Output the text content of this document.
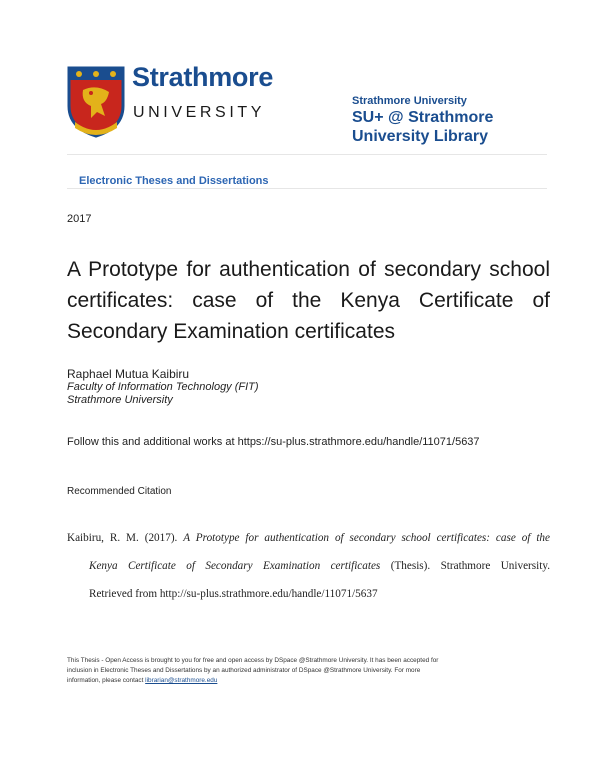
Strathmore
UNIVERSITY
Strathmore University
SU+ @ Strathmore
University Library
Electronic Theses and Dissertations
2017
A Prototype for authentication of secondary school certificates: case of the Kenya Certificate of Secondary Examination certificates
Raphael Mutua Kaibiru
Faculty of Information Technology (FIT)
Strathmore University
Follow this and additional works at https://su-plus.strathmore.edu/handle/11071/5637
Recommended Citation
Kaibiru, R. M. (2017). A Prototype for authentication of secondary school certificates: case of the
Kenya Certificate of Secondary Examination certificates (Thesis). Strathmore University.
Retrieved from http://su-plus.strathmore.edu/handle/11071/5637
This Thesis - Open Access is brought to you for free and open access by DSpace @Strathmore University. It has been accepted for
inclusion in Electronic Theses and Dissertations by an authorized administrator of DSpace @Strathmore University. For more
information, please contact librarian@strathmore.edu
